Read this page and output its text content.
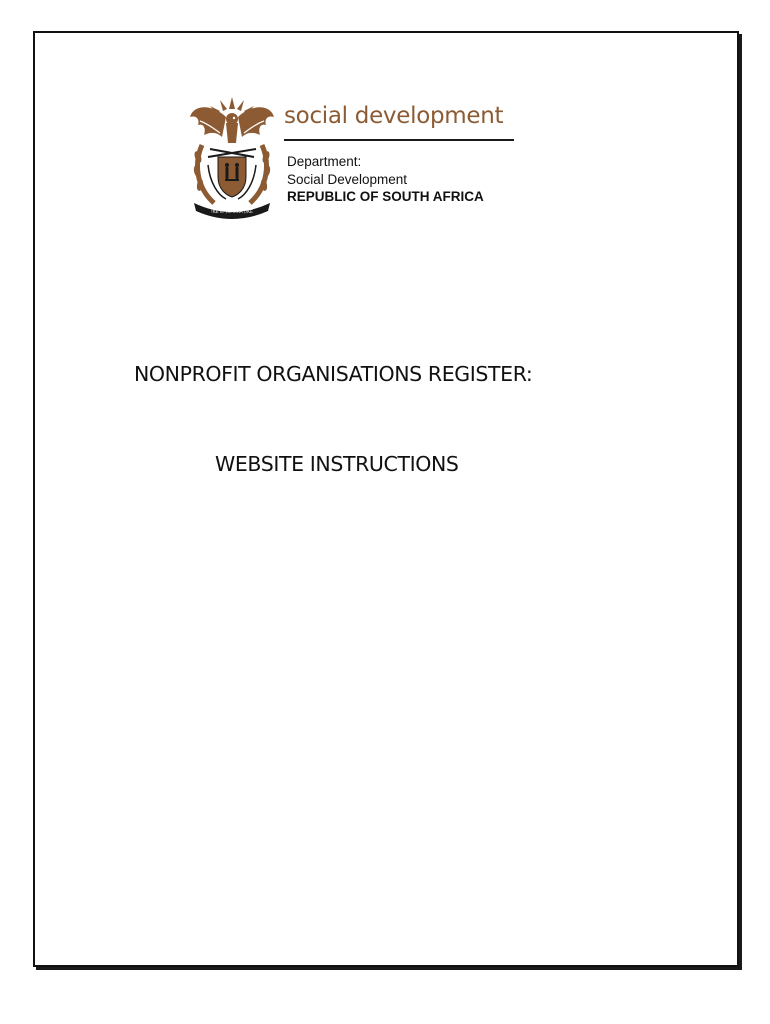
!KE E: /XARRA //KE
social development
Department:
Social Development
REPUBLIC OF SOUTH AFRICA
NONPROFIT ORGANISATIONS REGISTER:
WEBSITE INSTRUCTIONS
